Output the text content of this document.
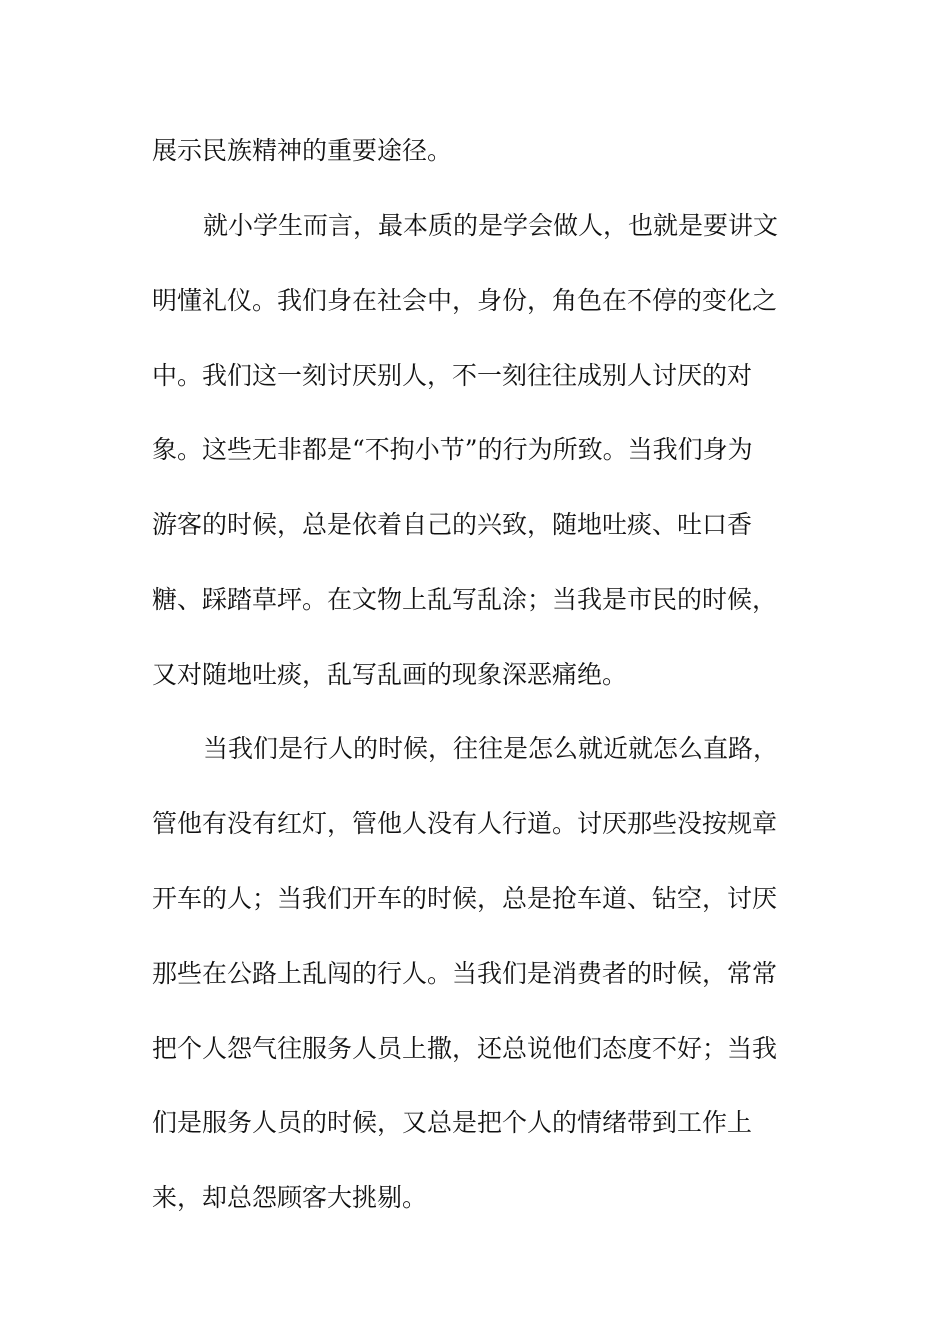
展示民族精神的重要途径。
就小学生而言，最本质的是学会做人，也就是要讲文
明懂礼仪。我们身在社会中，身份，角色在不停的变化之
中。我们这一刻讨厌别人，不一刻往往成别人讨厌的对
象。这些无非都是“不拘小节”的行为所致。当我们身为
游客的时候，总是依着自己的兴致，随地吐痰、吐口香
糖、踩踏草坪。在文物上乱写乱涂；当我是市民的时候，
又对随地吐痰，乱写乱画的现象深恶痛绝。
当我们是行人的时候，往往是怎么就近就怎么直路，
管他有没有红灯，管他人没有人行道。讨厌那些没按规章
开车的人；当我们开车的时候，总是抢车道、钻空，讨厌
那些在公路上乱闯的行人。当我们是消费者的时候，常常
把个人怨气往服务人员上撒，还总说他们态度不好；当我
们是服务人员的时候，又总是把个人的情绪带到工作上
来，却总怨顾客大挑剔。
